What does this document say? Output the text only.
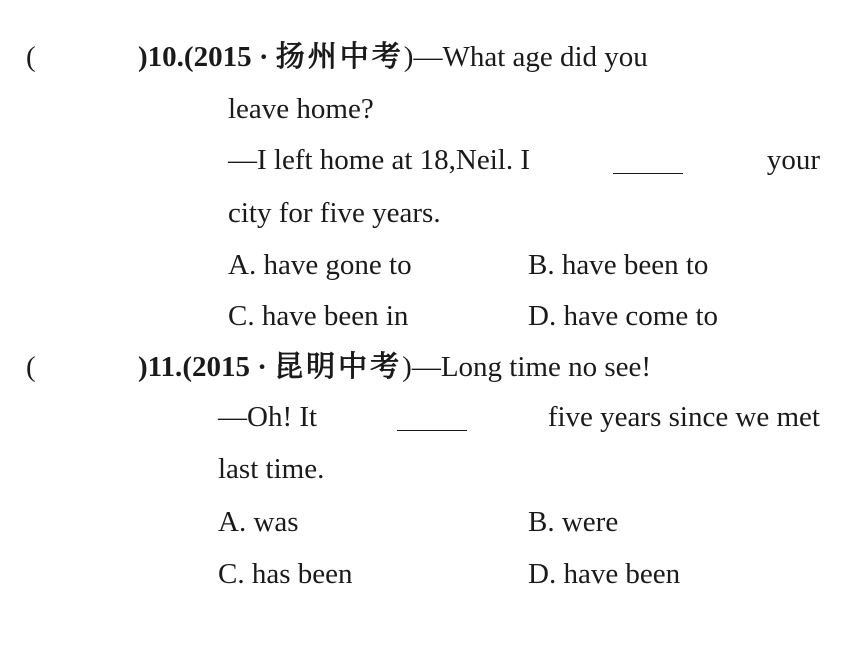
(	)10.(2015 · 扬州中考)—What age did you
leave home?
—I left home at 18,Neil. I	your
city for five years.
A. have gone to	B. have been to
C. have been in	D. have come to
(	)11.(2015 · 昆明中考)—Long time no see!
—Oh! It	five years since we met
last time.
A. was	B. were
C. has been	D. have been
